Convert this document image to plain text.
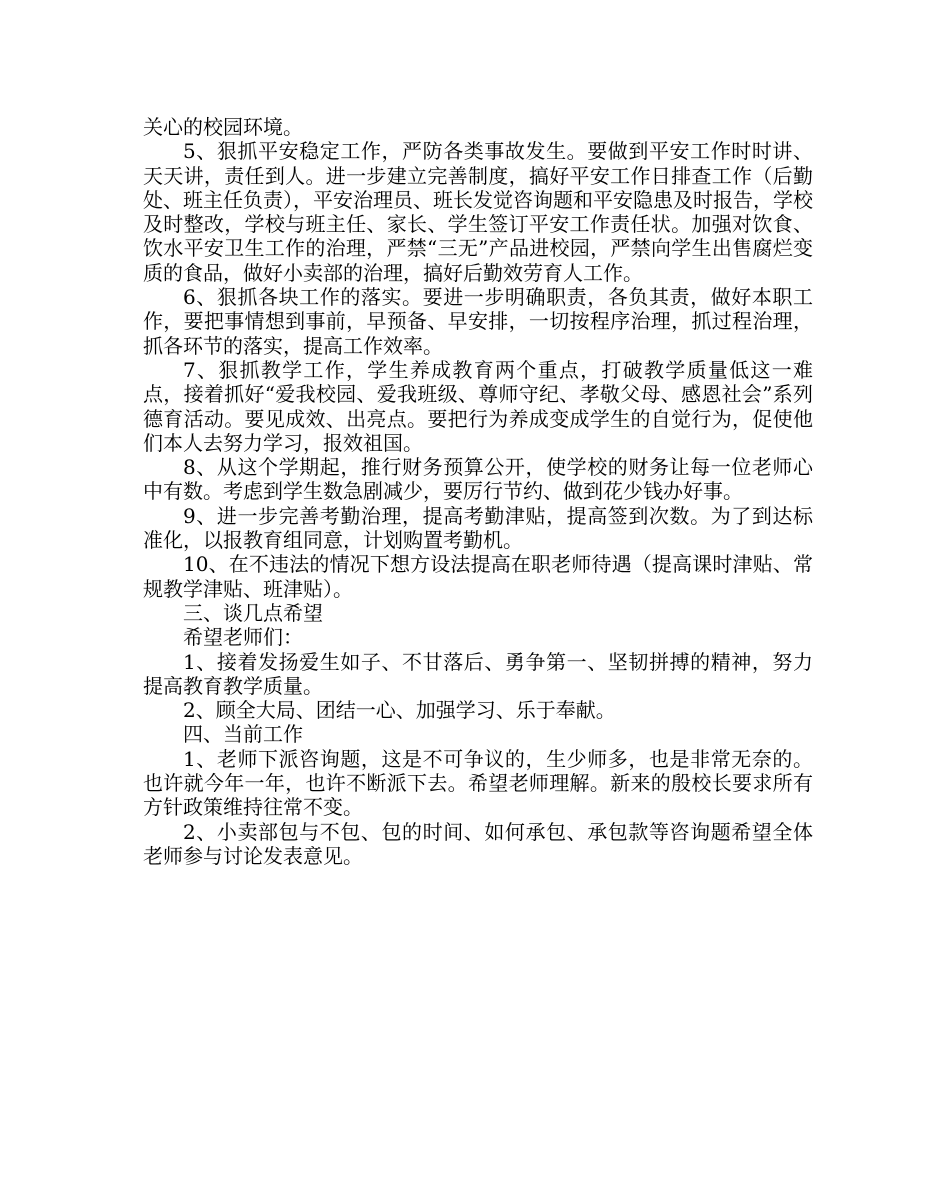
关心的校园环境。

5、狠抓平安稳定工作，严防各类事故发生。要做到平安工作时时讲、天天讲，责任到人。进一步建立完善制度，搞好平安工作日排查工作（后勤处、班主任负责），平安治理员、班长发觉咨询题和平安隐患及时报告，学校及时整改，学校与班主任、家长、学生签订平安工作责任状。加强对饮食、饮水平安卫生工作的治理，严禁“三无”产品进校园，严禁向学生出售腐烂变质的食品，做好小卖部的治理，搞好后勤效劳育人工作。

6、狠抓各块工作的落实。要进一步明确职责，各负其责，做好本职工作，要把事情想到事前，早预备、早安排，一切按程序治理，抓过程治理，抓各环节的落实，提高工作效率。

7、狠抓教学工作，学生养成教育两个重点，打破教学质量低这一难点，接着抓好“爱我校园、爱我班级、尊师守纪、孝敬父母、感恩社会”系列德育活动。要见成效、出亮点。要把行为养成变成学生的自觉行为，促使他们本人去努力学习，报效祖国。

8、从这个学期起，推行财务预算公开，使学校的财务让每一位老师心中有数。考虑到学生数急剧减少，要厉行节约、做到花少钱办好事。

9、进一步完善考勤治理，提高考勤津贴，提高签到次数。为了到达标准化，以报教育组同意，计划购置考勤机。

10、在不违法的情况下想方设法提高在职老师待遇（提高课时津贴、常规教学津贴、班津贴）。

三、谈几点希望

希望老师们：

1、接着发扬爱生如子、不甘落后、勇争第一、坚韧拼搏的精神，努力提高教育教学质量。

2、顾全大局、团结一心、加强学习、乐于奉献。

四、当前工作

1、老师下派咨询题，这是不可争议的，生少师多，也是非常无奈的。也许就今年一年，也许不断派下去。希望老师理解。新来的殷校长要求所有方针政策维持往常不变。

2、小卖部包与不包、包的时间、如何承包、承包款等咨询题希望全体老师参与讨论发表意见。
